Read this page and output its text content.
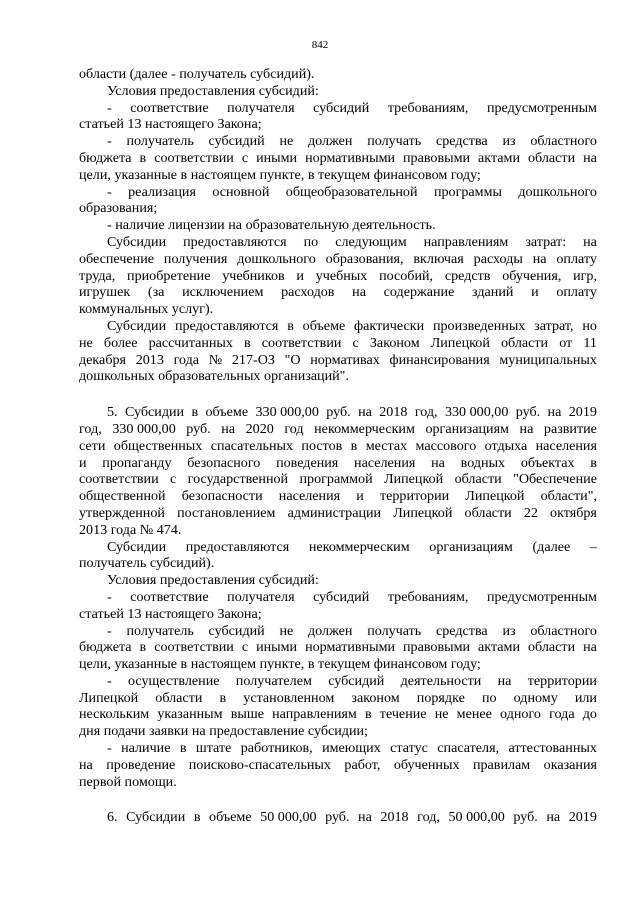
842
области
(далее
-
получатель
субсидий).
Условия
предоставления
субсидий:
- соответствие получателя субсидий требованиям, предусмотренным
статьей
13
настоящего
Закона;
- получатель субсидий не должен получать средства из областного
бюджета в соответствии с иными нормативными правовыми актами области на
цели,
указанные
в
настоящем
пункте,
в
текущем
финансовом
году;
- реализация основной общеобразовательной программы дошкольного
образования;
-
наличие
лицензии
на
образовательную
деятельность.
Субсидии предоставляются по следующим направлениям затрат: на
обеспечение получения дошкольного образования, включая расходы на оплату
труда, приобретение учебников и учебных пособий, средств обучения, игр,
игрушек (за исключением расходов на содержание зданий и оплату
коммунальных
услуг).
Субсидии предоставляются в объеме фактически произведенных затрат, но
не более рассчитанных в соответствии с Законом Липецкой области от 11
декабря 2013 года № 217-ОЗ "О нормативах финансирования муниципальных
дошкольных
образовательных
организаций".
5. Субсидии в объеме 330 000,00 руб. на 2018 год, 330 000,00 руб. на 2019
год, 330 000,00 руб. на 2020 год некоммерческим организациям на развитие
сети общественных спасательных постов в местах массового отдыха населения
и пропаганду безопасного поведения населения на водных объектах в
соответствии с государственной программой Липецкой области "Обеспечение
общественной безопасности населения и территории Липецкой области",
утвержденной постановлением администрации Липецкой области 22 октября
2013
года
№
474.
Субсидии предоставляются некоммерческим организациям (далее –
получатель
субсидий).
Условия
предоставления
субсидий:
- соответствие получателя субсидий требованиям, предусмотренным
статьей
13
настоящего
Закона;
- получатель субсидий не должен получать средства из областного
бюджета в соответствии с иными нормативными правовыми актами области на
цели,
указанные
в
настоящем
пункте,
в
текущем
финансовом
году;
- осуществление получателем субсидий деятельности на территории
Липецкой области в установленном законом порядке по одному или
нескольким указанным выше направлениям в течение не менее одного года до
дня
подачи
заявки
на
предоставление
субсидии;
- наличие в штате работников, имеющих статус спасателя, аттестованных
на проведение поисково-спасательных работ, обученных правилам оказания
первой
помощи.
6. Субсидии в объеме 50 000,00 руб. на 2018 год, 50 000,00 руб. на 2019
